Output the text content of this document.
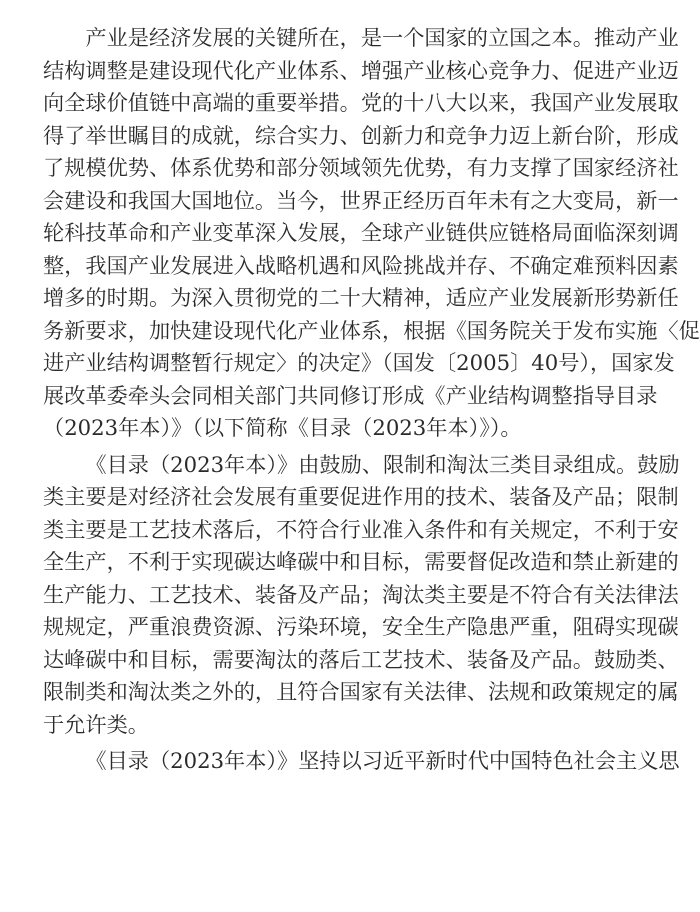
产业是经济发展的关键所在，是一个国家的立国之本。推动产业
结构调整是建设现代化产业体系、增强产业核心竞争力、促进产业迈
向全球价值链中高端的重要举措。党的十八大以来，我国产业发展取
得了举世瞩目的成就，综合实力、创新力和竞争力迈上新台阶，形成
了规模优势、体系优势和部分领域领先优势，有力支撑了国家经济社
会建设和我国大国地位。当今，世界正经历百年未有之大变局，新一
轮科技革命和产业变革深入发展，全球产业链供应链格局面临深刻调
整，我国产业发展进入战略机遇和风险挑战并存、不确定难预料因素
增多的时期。为深入贯彻党的二十大精神，适应产业发展新形势新任
务新要求，加快建设现代化产业体系，根据《国务院关于发布实施〈促
进产业结构调整暂行规定〉的决定》（国发〔2005〕40号），国家发
展改革委牵头会同相关部门共同修订形成《产业结构调整指导目录
（2023年本）》（以下简称《目录（2023年本）》）。
《目录（2023年本）》由鼓励、限制和淘汰三类目录组成。鼓励
类主要是对经济社会发展有重要促进作用的技术、装备及产品；限制
类主要是工艺技术落后，不符合行业准入条件和有关规定，不利于安
全生产，不利于实现碳达峰碳中和目标，需要督促改造和禁止新建的
生产能力、工艺技术、装备及产品；淘汰类主要是不符合有关法律法
规规定，严重浪费资源、污染环境，安全生产隐患严重，阻碍实现碳
达峰碳中和目标，需要淘汰的落后工艺技术、装备及产品。鼓励类、
限制类和淘汰类之外的，且符合国家有关法律、法规和政策规定的属
于允许类。
《目录（2023年本）》坚持以习近平新时代中国特色社会主义思
